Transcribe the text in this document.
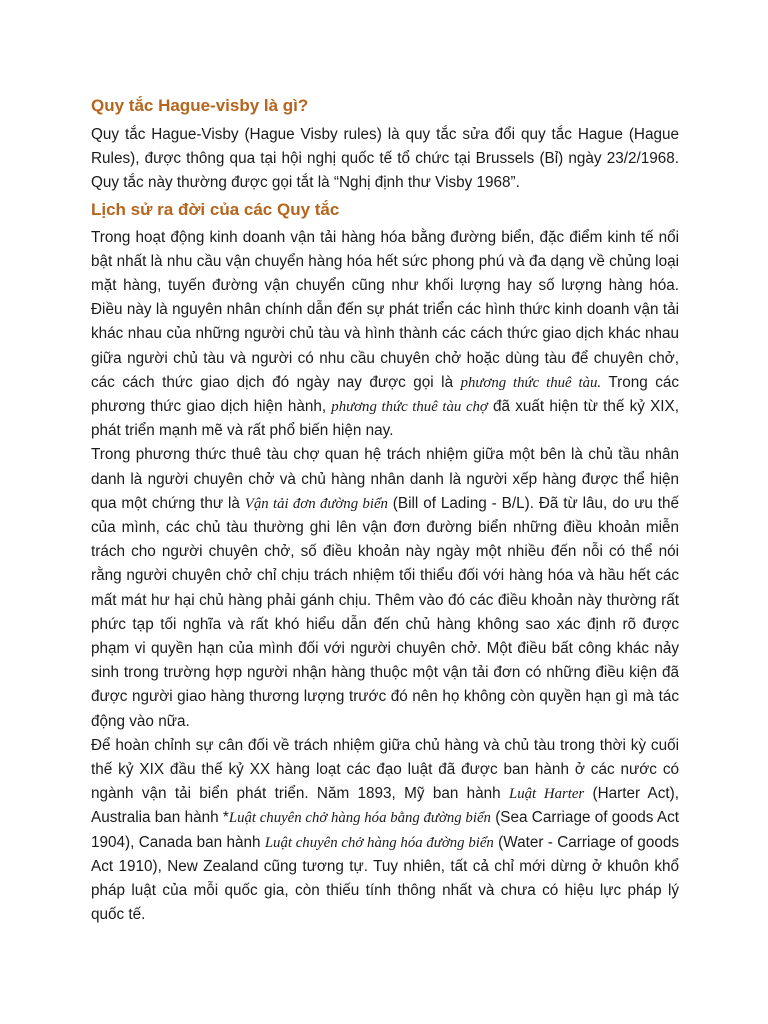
Quy tắc Hague-visby là gì?

Quy tắc Hague-Visby (Hague Visby rules) là quy tắc sửa đổi quy tắc Hague (Hague Rules), được thông qua tại hội nghị quốc tế tổ chức tại Brussels (Bỉ) ngày 23/2/1968. Quy tắc này thường được gọi tắt là “Nghị định thư Visby 1968”.

Lịch sử ra đời của các Quy tắc

Trong hoạt động kinh doanh vận tải hàng hóa bằng đường biển, đặc điểm kinh tế nổi bật nhất là nhu cầu vận chuyển hàng hóa hết sức phong phú và đa dạng về chủng loại mặt hàng, tuyến đường vận chuyển cũng như khối lượng hay số lượng hàng hóa. Điều này là nguyên nhân chính dẫn đến sự phát triển các hình thức kinh doanh vận tải khác nhau của những người chủ tàu và hình thành các cách thức giao dịch khác nhau giữa người chủ tàu và người có nhu cầu chuyên chở hoặc dùng tàu để chuyên chở, các cách thức giao dịch đó ngày nay được gọi là phương thức thuê tàu. Trong các phương thức giao dịch hiện hành, phương thức thuê tàu chợ đã xuất hiện từ thế kỷ XIX, phát triển mạnh mẽ và rất phổ biến hiện nay.

Trong phương thức thuê tàu chợ quan hệ trách nhiệm giữa một bên là chủ tầu nhân danh là người chuyên chở và chủ hàng nhân danh là người xếp hàng được thể hiện qua một chứng thư là Vận tải đơn đường biển (Bill of Lading - B/L). Đã từ lâu, do ưu thế của mình, các chủ tàu thường ghi lên vận đơn đường biển những điều khoản miễn trách cho người chuyên chở, số điều khoản này ngày một nhiều đến nỗi có thể nói rằng người chuyên chở chỉ chịu trách nhiệm tối thiểu đối với hàng hóa và hầu hết các mất mát hư hại chủ hàng phải gánh chịu. Thêm vào đó các điều khoản này thường rất phức tạp tối nghĩa và rất khó hiểu dẫn đến chủ hàng không sao xác định rõ được phạm vi quyền hạn của mình đối với người chuyên chở. Một điều bất công khác nảy sinh trong trường hợp người nhận hàng thuộc một vận tải đơn có những điều kiện đã được người giao hàng thương lượng trước đó nên họ không còn quyền hạn gì mà tác động vào nữa.

Để hoàn chỉnh sự cân đối về trách nhiệm giữa chủ hàng và chủ tàu trong thời kỳ cuối thế kỷ XIX đầu thế kỷ XX hàng loạt các đạo luật đã được ban hành ở các nước có ngành vận tải biển phát triển. Năm 1893, Mỹ ban hành Luật Harter (Harter Act), Australia ban hành *Luật chuyên chở hàng hóa bằng đường biển (Sea Carriage of goods Act 1904), Canada ban hành Luật chuyên chở hàng hóa đường biển (Water - Carriage of goods Act 1910), New Zealand cũng tương tự. Tuy nhiên, tất cả chỉ mới dừng ở khuôn khổ pháp luật của mỗi quốc gia, còn thiếu tính thông nhất và chưa có hiệu lực pháp lý quốc tế.
